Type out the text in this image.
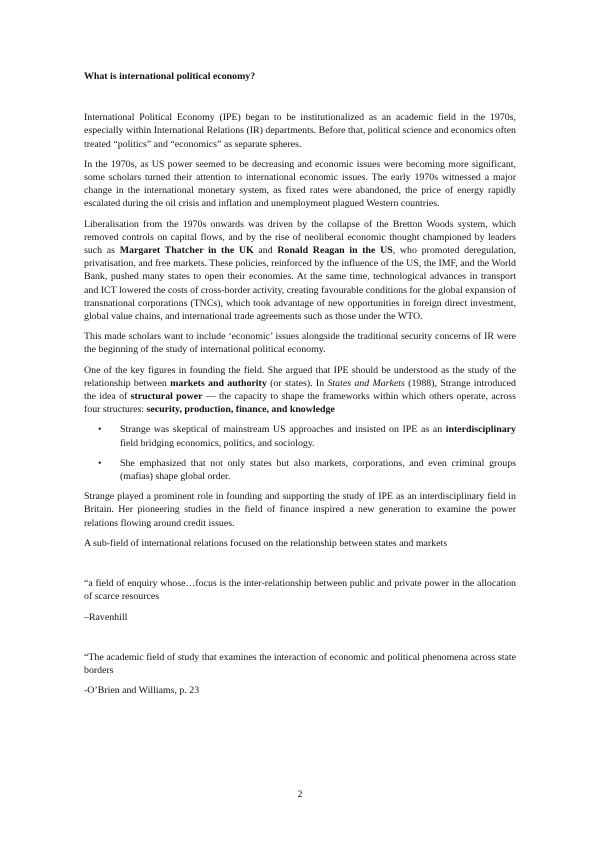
What is international political economy?

International Political Economy (IPE) began to be institutionalized as an academic field in the 1970s, especially within International Relations (IR) departments. Before that, political science and economics often treated “politics” and “economics” as separate spheres.

In the 1970s, as US power seemed to be decreasing and economic issues were becoming more significant, some scholars turned their attention to international economic issues. The early 1970s witnessed a major change in the international monetary system, as fixed rates were abandoned, the price of energy rapidly escalated during the oil crisis and inflation and unemployment plagued Western countries.

Liberalisation from the 1970s onwards was driven by the collapse of the Bretton Woods system, which removed controls on capital flows, and by the rise of neoliberal economic thought championed by leaders such as Margaret Thatcher in the UK and Ronald Reagan in the US, who promoted deregulation, privatisation, and free markets. These policies, reinforced by the influence of the US, the IMF, and the World Bank, pushed many states to open their economies. At the same time, technological advances in transport and ICT lowered the costs of cross-border activity, creating favourable conditions for the global expansion of transnational corporations (TNCs), which took advantage of new opportunities in foreign direct investment, global value chains, and international trade agreements such as those under the WTO.

This made scholars want to include ‘economic’ issues alongside the traditional security concerns of IR were the beginning of the study of international political economy.

One of the key figures in founding the field. She argued that IPE should be understood as the study of the relationship between markets and authority (or states). In States and Markets (1988), Strange introduced the idea of structural power — the capacity to shape the frameworks within which others operate, across four structures: security, production, finance, and knowledge

• Strange was skeptical of mainstream US approaches and insisted on IPE as an interdisciplinary field bridging economics, politics, and sociology.
• She emphasized that not only states but also markets, corporations, and even criminal groups (mafias) shape global order.

Strange played a prominent role in founding and supporting the study of IPE as an interdisciplinary field in Britain. Her pioneering studies in the field of finance inspired a new generation to examine the power relations flowing around credit issues.

A sub-field of international relations focused on the relationship between states and markets

“a field of enquiry whose…focus is the inter-relationship between public and private power in the allocation of scarce resources

–Ravenhill

“The academic field of study that examines the interaction of economic and political phenomena across state borders

-O’Brien and Williams, p. 23

2
